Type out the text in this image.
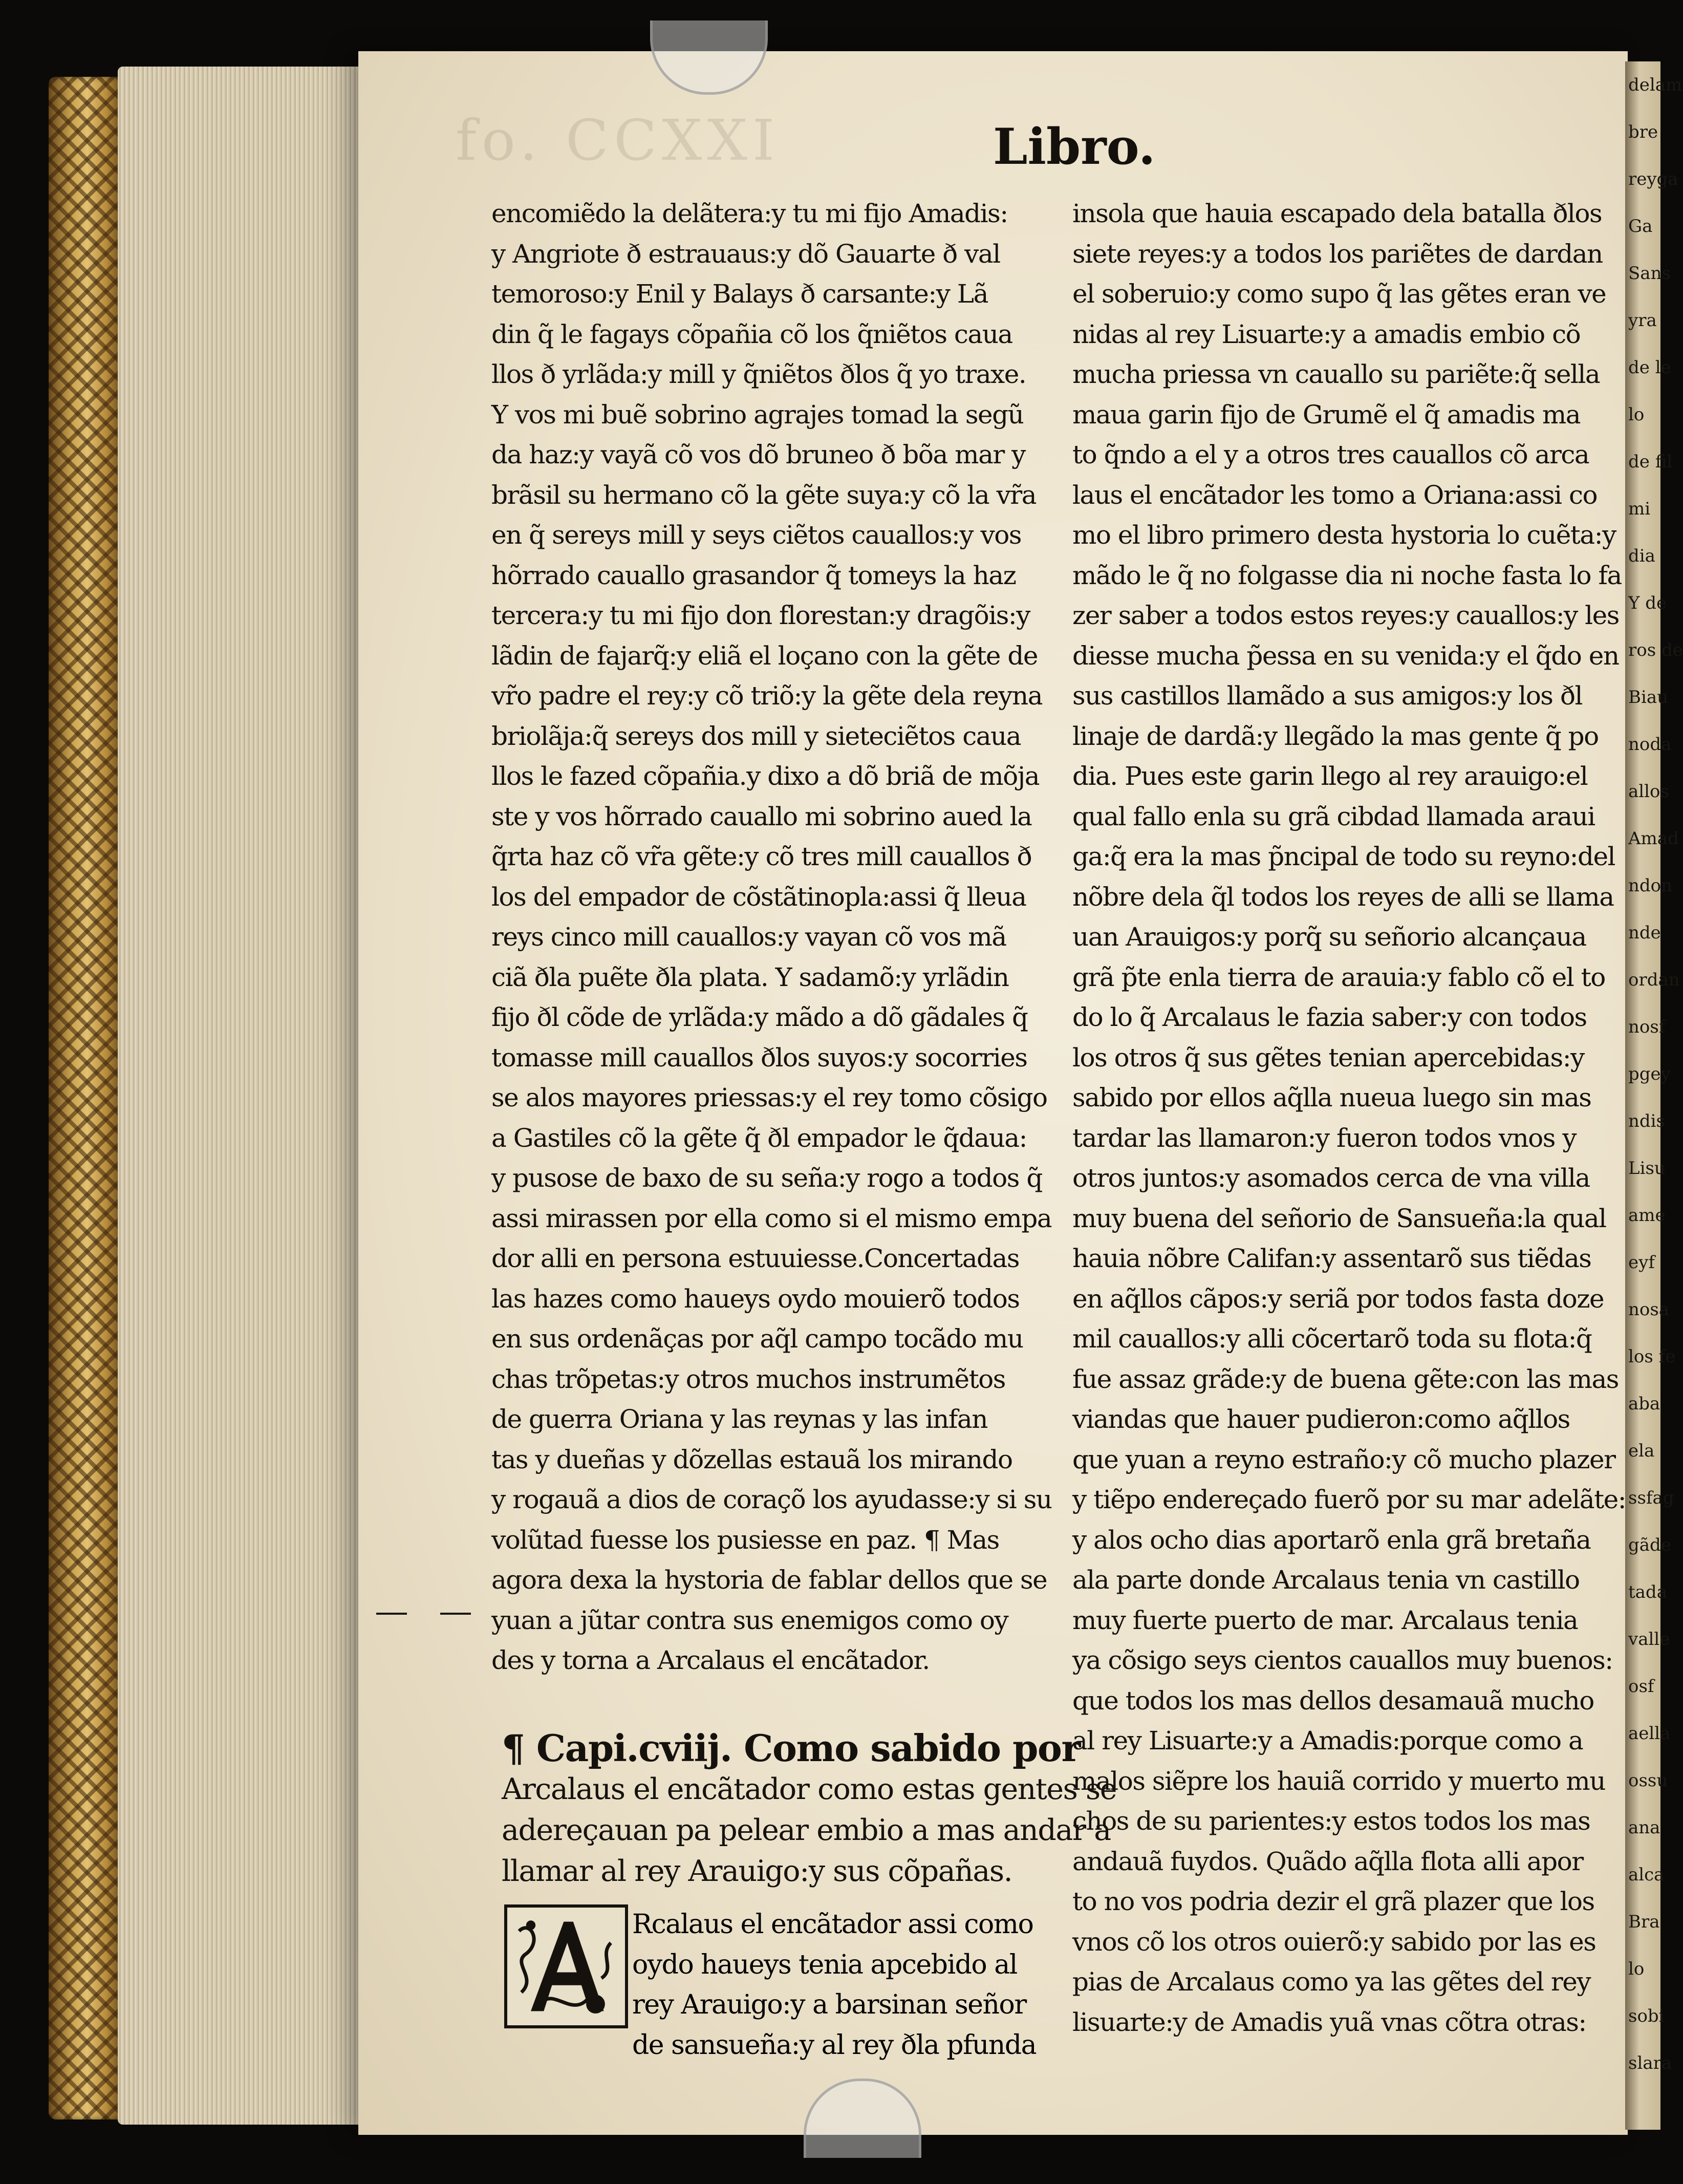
delam
bre
reyga
Ga
Sans
yra
de le
lo
de fil
mi
dia
Y de
ros de
Biau
noda
allos
Amad
ndon
nde
ordan
nosf
pgey
ndis
Lisu
ame
eyf
nosa
los fe
aba
ela
ssfag
gãde
tada
valle
osf
aella
ossu
ana
alca
Bra
lo
sobi
slara
fo. CCXXI	Libro.
encomiẽdo la delãtera:y tu mi fijo Amadis:
y Angriote ð estrauaus:y dõ Gauarte ð val
temoroso:y Enil y Balays ð carsante:y Lã
din q̃ le fagays cõpañia cõ los q̃niẽtos caua
llos ð yrlãda:y mill y q̃niẽtos ðlos q̃ yo traxe.
Y vos mi buẽ sobrino agrajes tomad la segũ
da haz:y vayã cõ vos dõ bruneo ð bõa mar y
brãsil su hermano cõ la gẽte suya:y cõ la vr̃a
en q̃ sereys mill y seys ciẽtos cauallos:y vos
hõrrado cauallo grasandor q̃ tomeys la haz
tercera:y tu mi fijo don florestan:y dragõis:y
lãdin de fajarq̃:y eliã el loçano con la gẽte de
vr̃o padre el rey:y cõ triõ:y la gẽte dela reyna
briolãja:q̃ sereys dos mill y sieteciẽtos caua
llos le fazed cõpañia.y dixo a dõ briã de mõja
ste y vos hõrrado cauallo mi sobrino aued la
q̃rta haz cõ vr̃a gẽte:y cõ tres mill cauallos ð
los del empador de cõstãtinopla:assi q̃ lleua
reys cinco mill cauallos:y vayan cõ vos mã
ciã ðla puẽte ðla plata. Y sadamõ:y yrlãdin
fijo ðl cõde de yrlãda:y mãdo a dõ gãdales q̃
tomasse mill cauallos ðlos suyos:y socorries
se alos mayores priessas:y el rey tomo cõsigo
a Gastiles cõ la gẽte q̃ ðl empador le q̃daua:
y pusose de baxo de su seña:y rogo a todos q̃
assi mirassen por ella como si el mismo empa
dor alli en persona estuuiesse.Concertadas
las hazes como haueys oydo mouierõ todos
en sus ordenãças por aq̃l campo tocãdo mu
chas trõpetas:y otros muchos instrumẽtos
de guerra Oriana y las reynas y las infan
tas y dueñas y dõzellas estauã los mirando
y rogauã a dios de coraçõ los ayudasse:y si su
volũtad fuesse los pusiesse en paz. ¶ Mas
agora dexa la hystoria de fablar dellos que se
yuan a jũtar contra sus enemigos como oy
des y torna a Arcalaus el encãtador.
insola que hauia escapado dela batalla ðlos
siete reyes:y a todos los pariẽtes de dardan
el soberuio:y como supo q̃ las gẽtes eran ve
nidas al rey Lisuarte:y a amadis embio cõ
mucha priessa vn cauallo su pariẽte:q̃ sella
maua garin fijo de Grumẽ el q̃ amadis ma
to q̃ndo a el y a otros tres cauallos cõ arca
laus el encãtador les tomo a Oriana:assi co
mo el libro primero desta hystoria lo cuẽta:y
mãdo le q̃ no folgasse dia ni noche fasta lo fa
zer saber a todos estos reyes:y cauallos:y les
diesse mucha p̃essa en su venida:y el q̃do en
sus castillos llamãdo a sus amigos:y los ðl
linaje de dardã:y llegãdo la mas gente q̃ po
dia. Pues este garin llego al rey arauigo:el
qual fallo enla su grã cibdad llamada araui
ga:q̃ era la mas p̃ncipal de todo su reyno:del
nõbre dela q̃l todos los reyes de alli se llama
uan Arauigos:y porq̃ su señorio alcançaua
grã p̃te enla tierra de arauia:y fablo cõ el to
do lo q̃ Arcalaus le fazia saber:y con todos
los otros q̃ sus gẽtes tenian apercebidas:y
sabido por ellos aq̃lla nueua luego sin mas
tardar las llamaron:y fueron todos vnos y
otros juntos:y asomados cerca de vna villa
muy buena del señorio de Sansueña:la qual
hauia nõbre Califan:y assentarõ sus tiẽdas
en aq̃llos cãpos:y seriã por todos fasta doze
mil cauallos:y alli cõcertarõ toda su flota:q̃
fue assaz grãde:y de buena gẽte:con las mas
viandas que hauer pudieron:como aq̃llos
que yuan a reyno estraño:y cõ mucho plazer
y tiẽpo endereçado fuerõ por su mar adelãte:
y alos ocho dias aportarõ enla grã bretaña
ala parte donde Arcalaus tenia vn castillo
muy fuerte puerto de mar. Arcalaus tenia
ya cõsigo seys cientos cauallos muy buenos:
que todos los mas dellos desamauã mucho
al rey Lisuarte:y a Amadis:porque como a
malos siẽpre los hauiã corrido y muerto mu
chos de su parientes:y estos todos los mas
andauã fuydos. Quãdo aq̃lla flota alli apor
to no vos podria dezir el grã plazer que los
vnos cõ los otros ouierõ:y sabido por las es
pias de Arcalaus como ya las gẽtes del rey
lisuarte:y de Amadis yuã vnas cõtra otras:
¶ Capi.cviij. Como sabido por
Arcalaus el encãtador como estas gentes se
adereçauan pa pelear embio a mas andar a
llamar al rey Arauigo:y sus cõpañas.
Rcalaus el encãtador assi como
oydo haueys tenia apcebido al
rey Arauigo:y a barsinan señor
de sansueña:y al rey ðla pfunda
